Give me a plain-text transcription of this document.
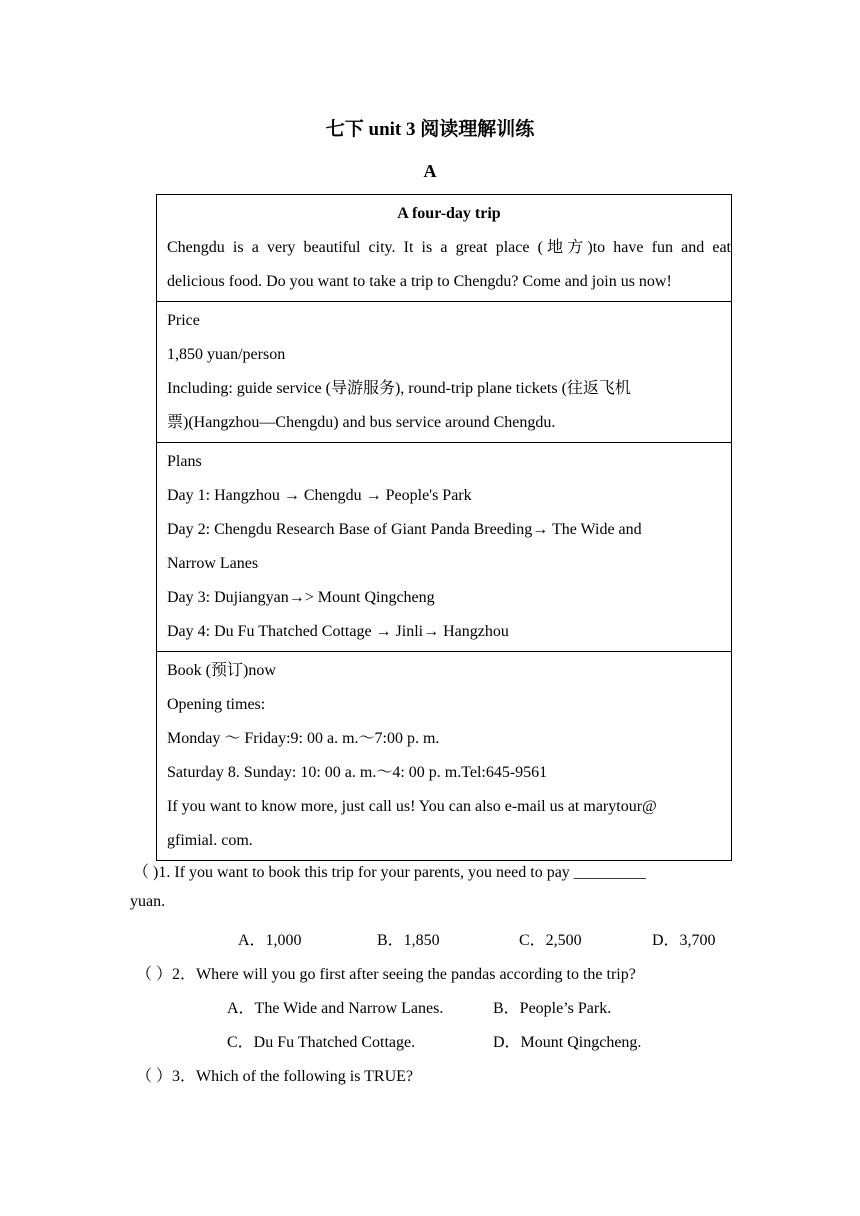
七下 unit 3 阅读理解训练
A
A four-day trip
Chengdu is a very beautiful city. It is a great place (地方)to have fun and eat
delicious food. Do you want to take a trip to Chengdu? Come and join us now!

Price
1,850 yuan/person
Including: guide service (导游服务), round-trip plane tickets (往返飞机
票)(Hangzhou—Chengdu) and bus service around Chengdu.

Plans
Day 1: Hangzhou → Chengdu → People's Park
Day 2: Chengdu Research Base of Giant Panda Breeding→ The Wide and
Narrow Lanes
Day 3: Dujiangyan→> Mount Qingcheng
Day 4: Du Fu Thatched Cottage → Jinli→ Hangzhou

Book (预订)now
Opening times:
Monday ～ Friday:9: 00 a. m.～7:00 p. m.
Saturday 8. Sunday: 10: 00 a. m.～4: 00 p. m.Tel:645-9561
If you want to know more, just call us! You can also e-mail us at marytour@
gfimial. com.
（ )1. If you want to book this trip for your parents, you need to pay _________
yuan.
A．1,000	B．1,850	C．2,500	D．3,700
（ ）2．Where will you go first after seeing the pandas according to the trip?
A．The Wide and Narrow Lanes.	B．People’s Park.
C．Du Fu Thatched Cottage.	D．Mount Qingcheng.
（ ）3．Which of the following is TRUE?
